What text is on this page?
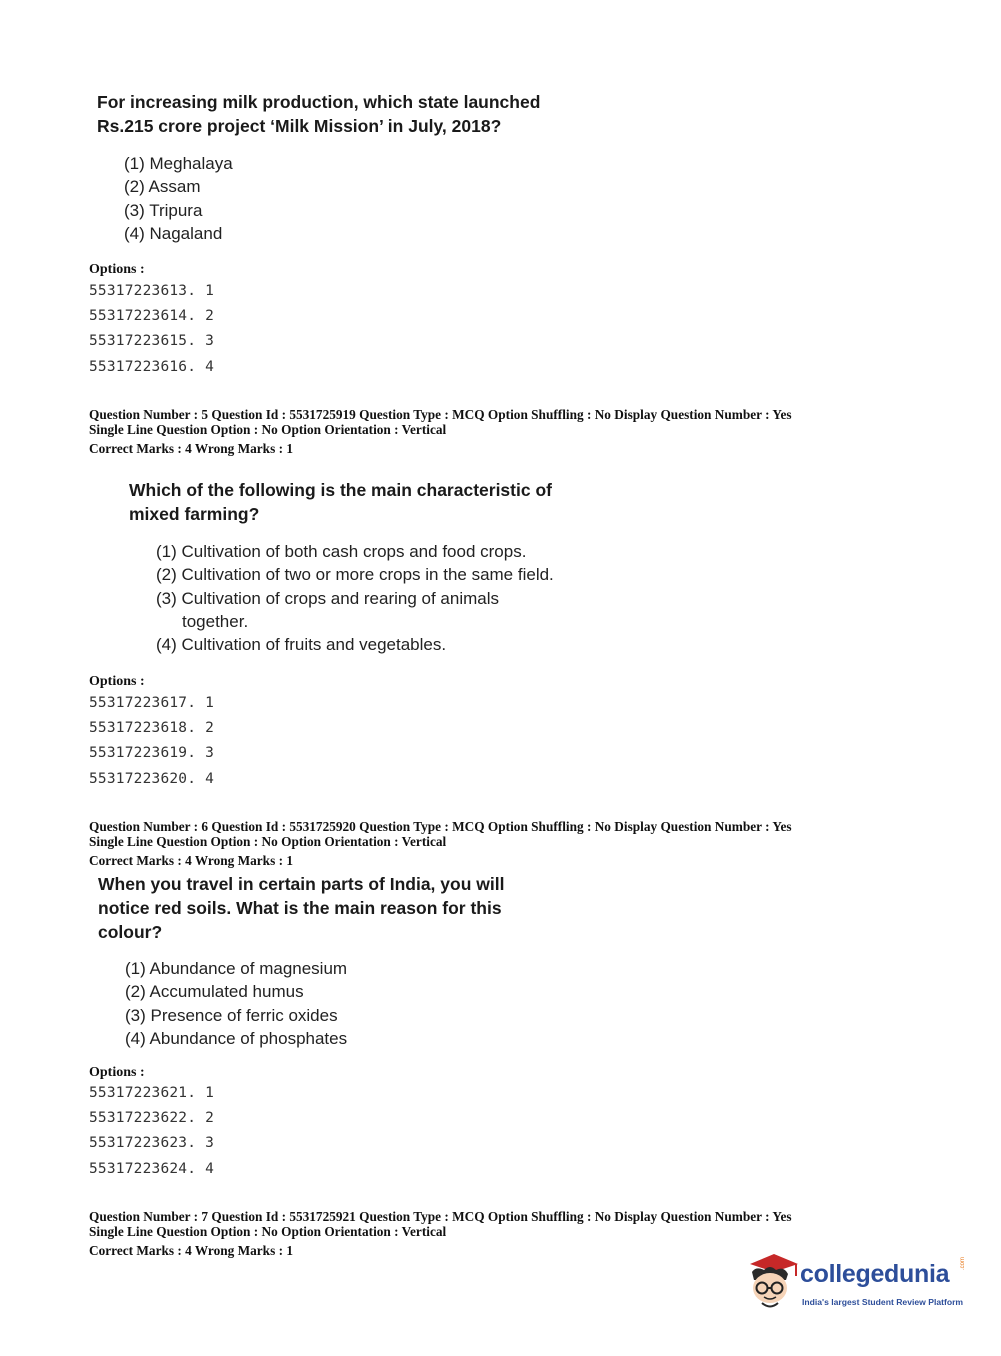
For increasing milk production, which state launched
Rs.215 crore project ‘Milk Mission’ in July, 2018?
(1) Meghalaya
(2) Assam
(3) Tripura
(4) Nagaland
Options :
55317223613. 1
55317223614. 2
55317223615. 3
55317223616. 4
Question Number : 5 Question Id : 5531725919 Question Type : MCQ Option Shuffling : No Display Question Number : Yes
Single Line Question Option : No Option Orientation : Vertical
Correct Marks : 4 Wrong Marks : 1
Which of the following is the main characteristic of
mixed farming?
(1) Cultivation of both cash crops and food crops.
(2) Cultivation of two or more crops in the same field.
(3) Cultivation of crops and rearing of animals
together.
(4) Cultivation of fruits and vegetables.
Options :
55317223617. 1
55317223618. 2
55317223619. 3
55317223620. 4
Question Number : 6 Question Id : 5531725920 Question Type : MCQ Option Shuffling : No Display Question Number : Yes
Single Line Question Option : No Option Orientation : Vertical
Correct Marks : 4 Wrong Marks : 1
When you travel in certain parts of India, you will
notice red soils. What is the main reason for this
colour?
(1) Abundance of magnesium
(2) Accumulated humus
(3) Presence of ferric oxides
(4) Abundance of phosphates
Options :
55317223621. 1
55317223622. 2
55317223623. 3
55317223624. 4
Question Number : 7 Question Id : 5531725921 Question Type : MCQ Option Shuffling : No Display Question Number : Yes
Single Line Question Option : No Option Orientation : Vertical
Correct Marks : 4 Wrong Marks : 1
collegedunia .com
India's largest Student Review Platform
